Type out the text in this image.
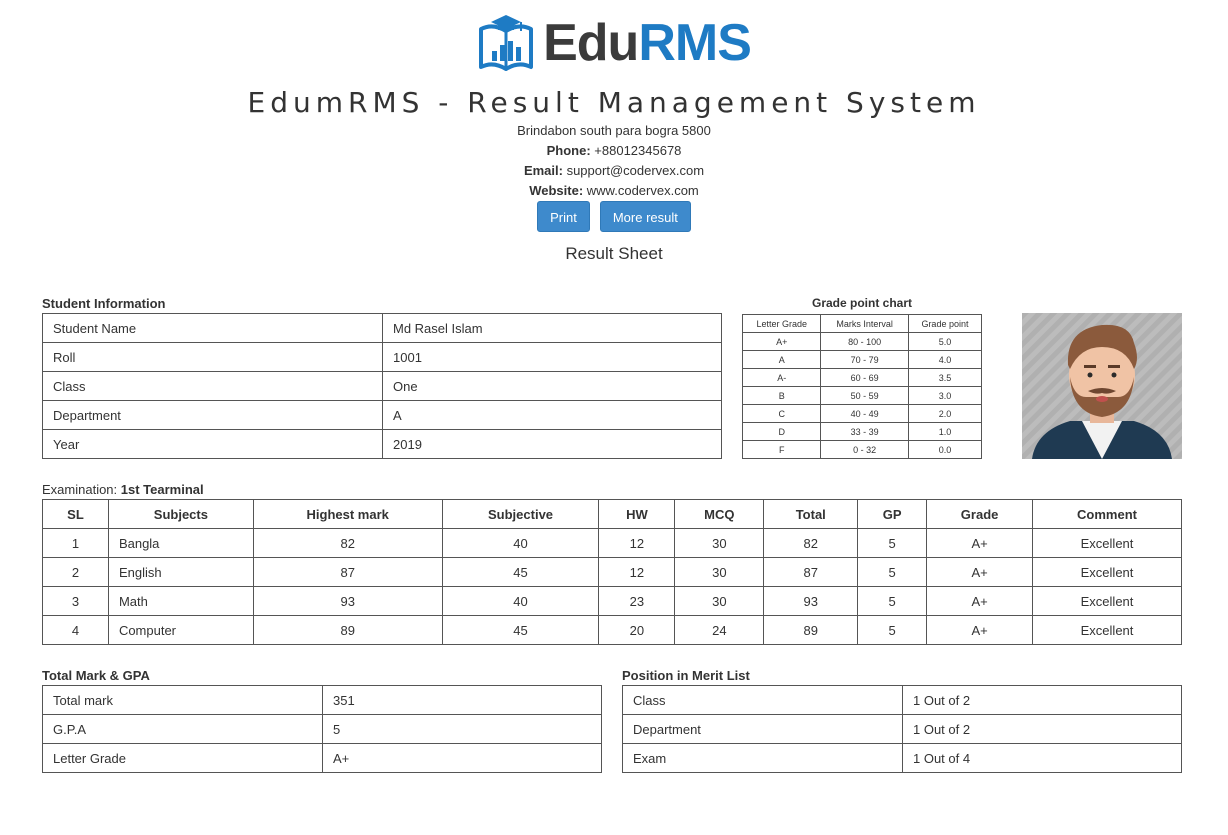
EduRMS
EdumRMS - Result Management System
Brindabon south para bogra 5800
Phone: +88012345678
Email: support@codervex.com
Website: www.codervex.com
Print	More result
Result Sheet
Student Information
Student Name	Md Rasel Islam
Roll	1001
Class	One
Department	A
Year	2019
Grade point chart
Letter Grade	Marks Interval	Grade point
A+	80 - 100	5.0
A	70 - 79	4.0
A-	60 - 69	3.5
B	50 - 59	3.0
C	40 - 49	2.0
D	33 - 39	1.0
F	0 - 32	0.0
Examination: 1st Tearminal
SL	Subjects	Highest mark	Subjective	HW	MCQ	Total	GP	Grade	Comment
1	Bangla	82	40	12	30	82	5	A+	Excellent
2	English	87	45	12	30	87	5	A+	Excellent
3	Math	93	40	23	30	93	5	A+	Excellent
4	Computer	89	45	20	24	89	5	A+	Excellent
Total Mark & GPA
Total mark	351
G.P.A	5
Letter Grade	A+
Position in Merit List
Class	1 Out of 2
Department	1 Out of 2
Exam	1 Out of 4
